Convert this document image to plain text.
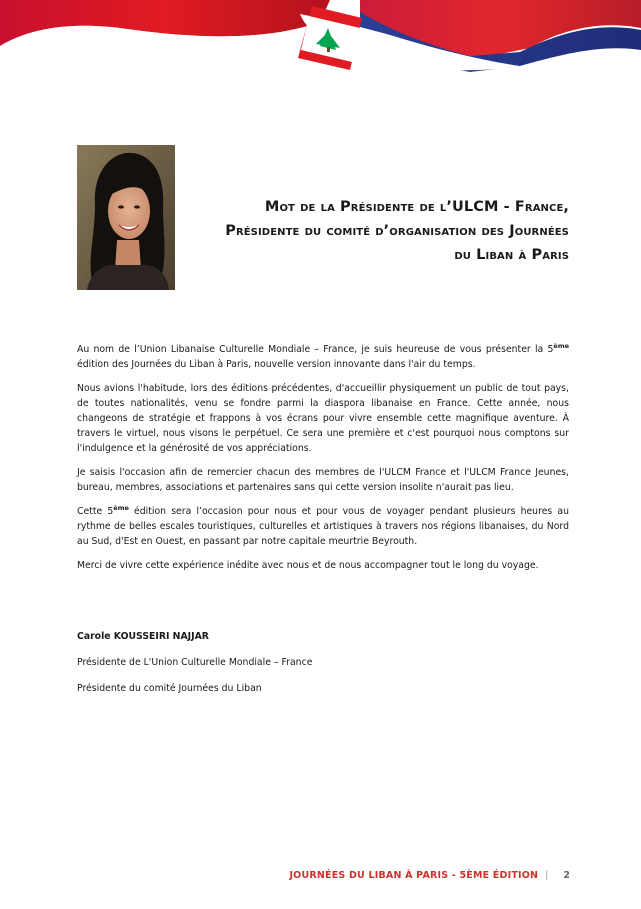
Mot de la Présidente de l’ULCM - France,
Présidente du comité d’organisation des Journées
du Liban à Paris

Au nom de l’Union Libanaise Culturelle Mondiale – France, je suis heureuse de vous présenter la 5ème édition des Journées du Liban à Paris, nouvelle version innovante dans l'air du temps.

Nous avions l'habitude, lors des éditions précédentes, d'accueillir physiquement un public de tout pays, de toutes nationalités, venu se fondre parmi la diaspora libanaise en France. Cette année, nous changeons de stratégie et frappons à vos écrans pour vivre ensemble cette magnifique aventure. À travers le virtuel, nous visons le perpétuel. Ce sera une première et c'est pourquoi nous comptons sur l'indulgence et la générosité de vos appréciations.

Je saisis l'occasion afin de remercier chacun des membres de l'ULCM France et l'ULCM France Jeunes, bureau, membres, associations et partenaires sans qui cette version insolite n'aurait pas lieu.

Cette 5ème édition sera l’occasion pour nous et pour vous de voyager pendant plusieurs heures au rythme de belles escales touristiques, culturelles et artistiques à travers nos régions libanaises, du Nord au Sud, d'Est en Ouest, en passant par notre capitale meurtrie Beyrouth.

Merci de vivre cette expérience inédite avec nous et de nous accompagner tout le long du voyage.

Carole KOUSSEIRI NAJJAR
Présidente de L'Union Culturelle Mondiale – France
Présidente du comité Journées du Liban
JOURNÉES DU LIBAN À PARIS - 5ÈME ÉDITION | 2
